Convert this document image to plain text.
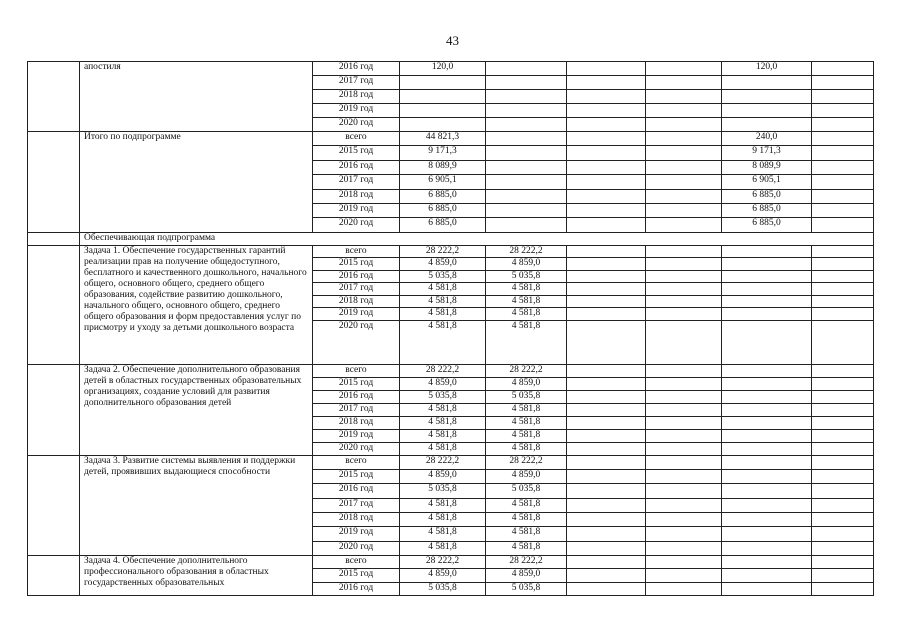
43
	апостиля	2016 год	120,0				120,0	
		2017 год						
		2018 год						
		2019 год						
		2020 год						
	Итого по подпрограмме	всего	44 821,3				240,0	
		2015 год	9 171,3				9 171,3	
		2016 год	8 089,9				8 089,9	
		2017 год	6 905,1				6 905,1	
		2018 год	6 885,0				6 885,0	
		2019 год	6 885,0				6 885,0	
		2020 год	6 885,0				6 885,0	
	Обеспечивающая подпрограмма							
	Задача 1. Обеспечение государственных гарантий реализации прав на получение общедоступного, бесплатного и качественного дошкольного, начального общего, основного общего, среднего общего образования, содействие развитию дошкольного, начального общего, основного общего, среднего общего образования и форм предоставления услуг по присмотру и уходу за детьми дошкольного возраста	всего	28 222,2	28 222,2				
		2015 год	4 859,0	4 859,0				
		2016 год	5 035,8	5 035,8				
		2017 год	4 581,8	4 581,8				
		2018 год	4 581,8	4 581,8				
		2019 год	4 581,8	4 581,8				
		2020 год	4 581,8	4 581,8				
	Задача 2. Обеспечение дополнительного образования детей в областных государственных образовательных организациях, создание условий для развития дополнительного образования детей	всего	28 222,2	28 222,2				
		2015 год	4 859,0	4 859,0				
		2016 год	5 035,8	5 035,8				
		2017 год	4 581,8	4 581,8				
		2018 год	4 581,8	4 581,8				
		2019 год	4 581,8	4 581,8				
		2020 год	4 581,8	4 581,8				
	Задача 3. Развитие системы выявления и поддержки детей, проявивших выдающиеся способности	всего	28 222,2	28 222,2				
		2015 год	4 859,0	4 859,0				
		2016 год	5 035,8	5 035,8				
		2017 год	4 581,8	4 581,8				
		2018 год	4 581,8	4 581,8				
		2019 год	4 581,8	4 581,8				
		2020 год	4 581,8	4 581,8				
	Задача 4. Обеспечение дополнительного профессионального образования в областных государственных образовательных	всего	28 222,2	28 222,2				
		2015 год	4 859,0	4 859,0				
		2016 год	5 035,8	5 035,8				
